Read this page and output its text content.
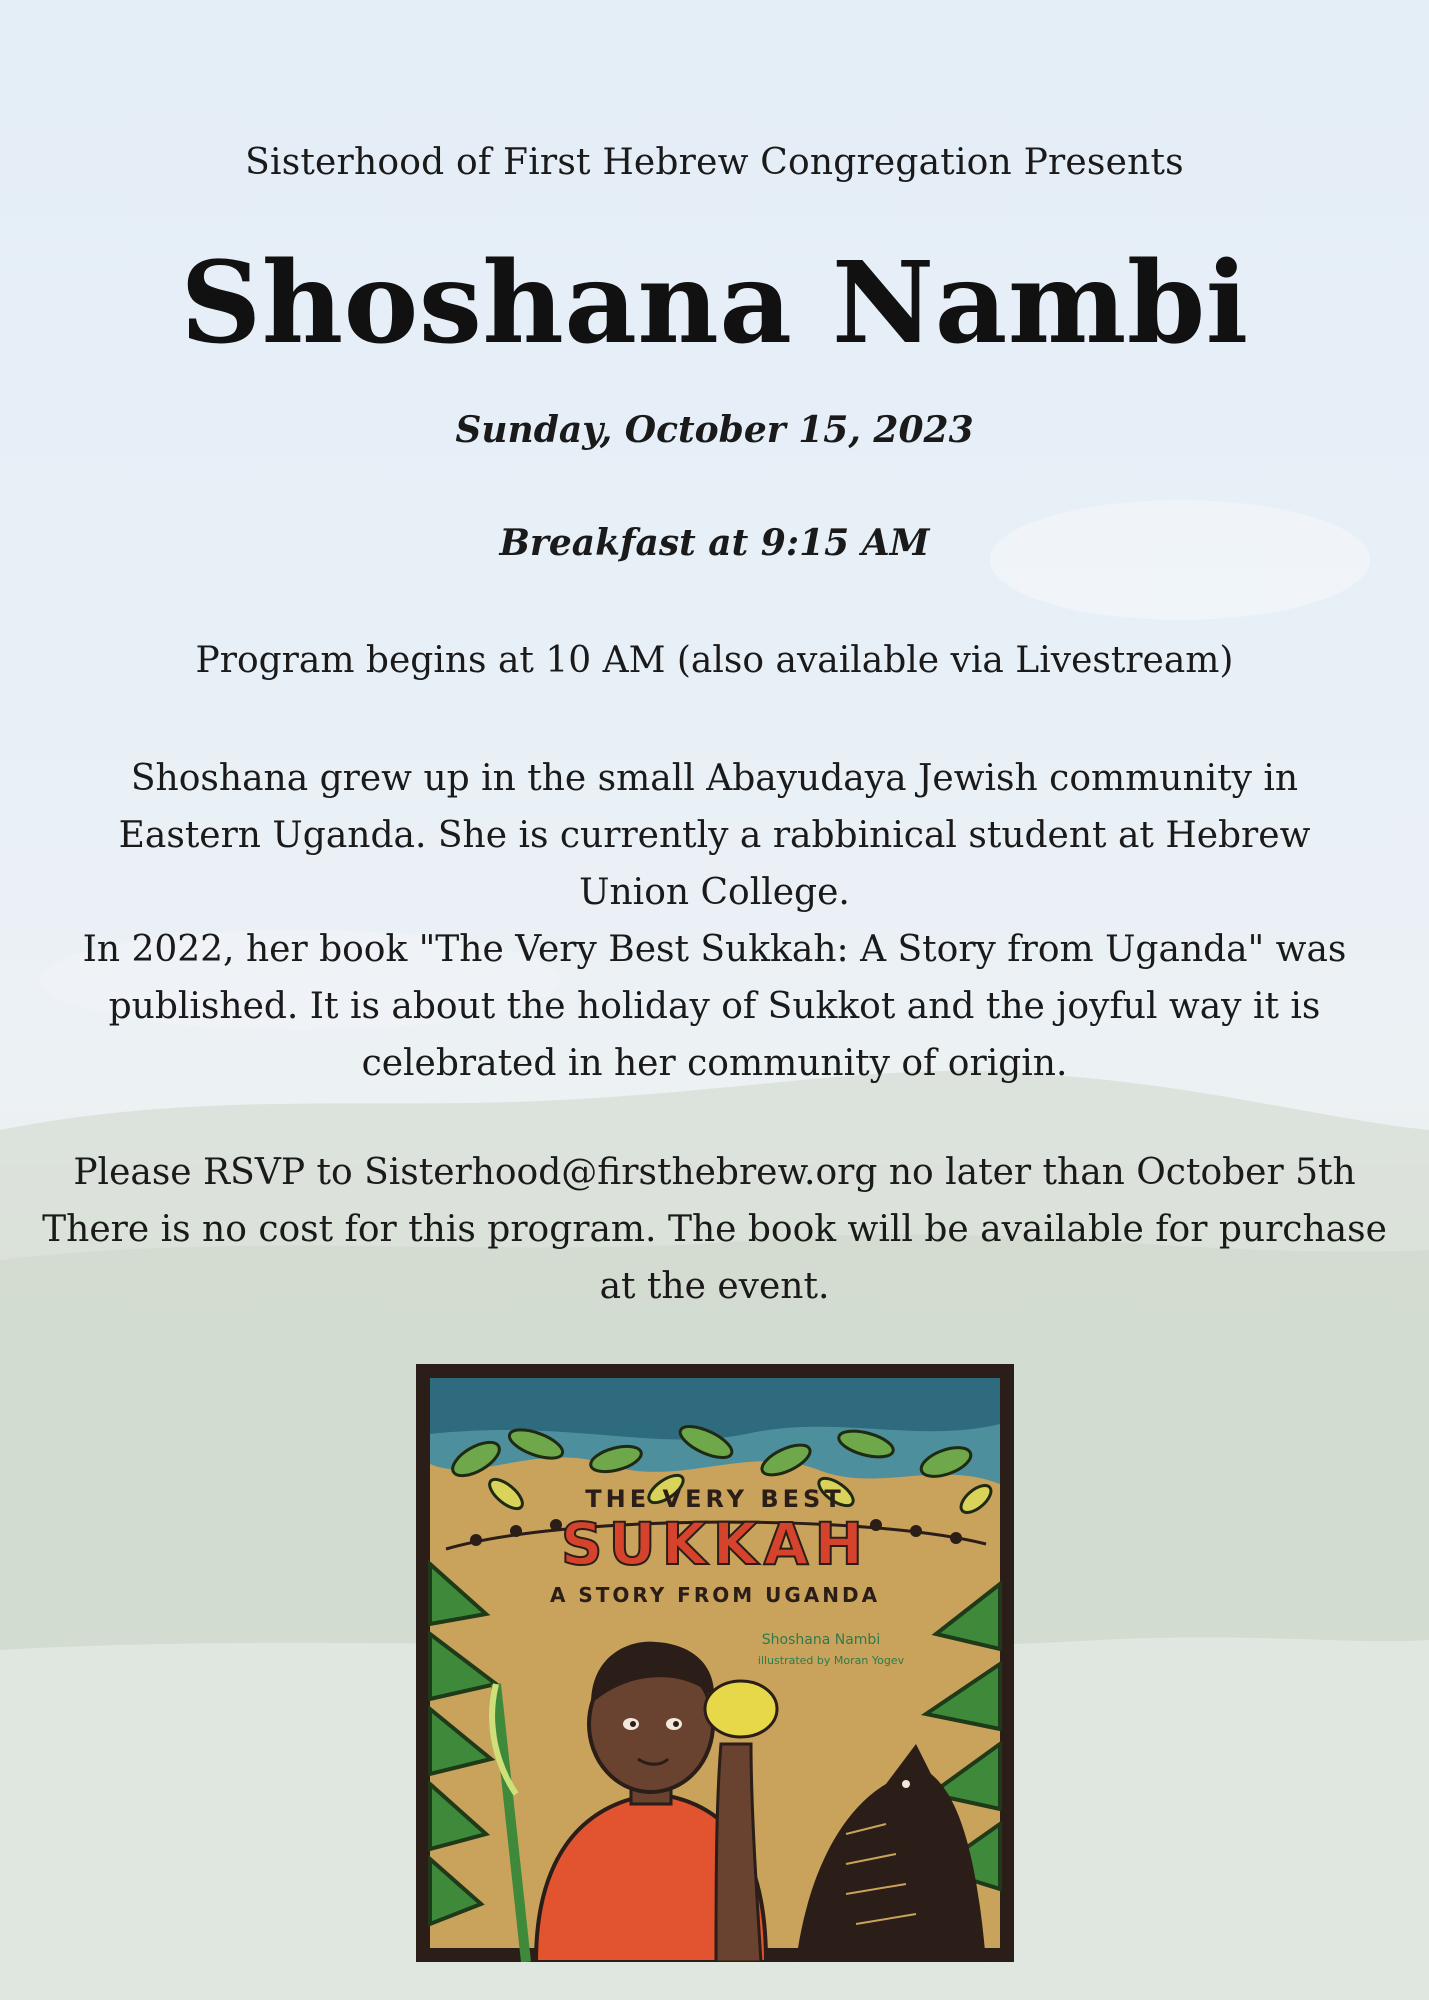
Sisterhood of First Hebrew Congregation Presents
Shoshana Nambi
Sunday, October 15, 2023
Breakfast at 9:15 AM
Program begins at 10 AM (also available via Livestream)

Shoshana grew up in the small Abayudaya Jewish community in Eastern Uganda. She is currently a rabbinical student at Hebrew Union College.

In 2022, her book "The Very Best Sukkah: A Story from Uganda" was published. It is about the holiday of Sukkot and the joyful way it is celebrated in her community of origin.

Please RSVP to Sisterhood@firsthebrew.org no later than October 5th

There is no cost for this program. The book will be available for purchase at the event.

THE VERY BEST
SUKKAH
A STORY FROM UGANDA
Shoshana Nambi
illustrated by Moran Yogev
